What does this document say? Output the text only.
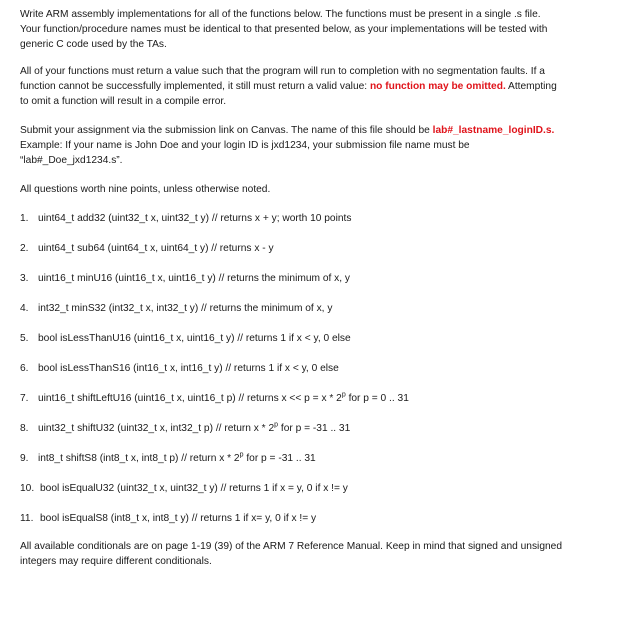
Write ARM assembly implementations for all of the functions below. The functions must be present in a single .s file.

Your function/procedure names must be identical to that presented below, as your implementations will be tested with

generic C code used by the TAs.

All of your functions must return a value such that the program will run to completion with no segmentation faults. If a

function cannot be successfully implemented, it still must return a valid value: no function may be omitted. Attempting

to omit a function will result in a compile error.

Submit your assignment via the submission link on Canvas. The name of this file should be lab#_lastname_loginID.s.

Example: If your name is John Doe and your login ID is jxd1234, your submission file name must be

“lab#_Doe_jxd1234.s”.

All questions worth nine points, unless otherwise noted.

1. uint64_t add32 (uint32_t x, uint32_t y) // returns x + y; worth 10 points
2. uint64_t sub64 (uint64_t x, uint64_t y) // returns x - y
3. uint16_t minU16 (uint16_t x, uint16_t y) // returns the minimum of x, y
4. int32_t minS32 (int32_t x, int32_t y) // returns the minimum of x, y
5. bool isLessThanU16 (uint16_t x, uint16_t y) // returns 1 if x < y, 0 else
6. bool isLessThanS16 (int16_t x, int16_t y) // returns 1 if x < y, 0 else
7. uint16_t shiftLeftU16 (uint16_t x, uint16_t p) // returns x << p = x * 2$^p$ for p = 0 .. 31
8. uint32_t shiftU32 (uint32_t x, int32_t p) // return x * 2$^p$ for p = -31 .. 31
9. int8_t shiftS8 (int8_t x, int8_t p) // return x * 2$^p$ for p = -31 .. 31
10. bool isEqualU32 (uint32_t x, uint32_t y) // returns 1 if x = y, 0 if x != y
11. bool isEqualS8 (int8_t x, int8_t y) // returns 1 if x= y, 0 if x != y

All available conditionals are on page 1-19 (39) of the ARM 7 Reference Manual. Keep in mind that signed and unsigned

integers may require different conditionals.
